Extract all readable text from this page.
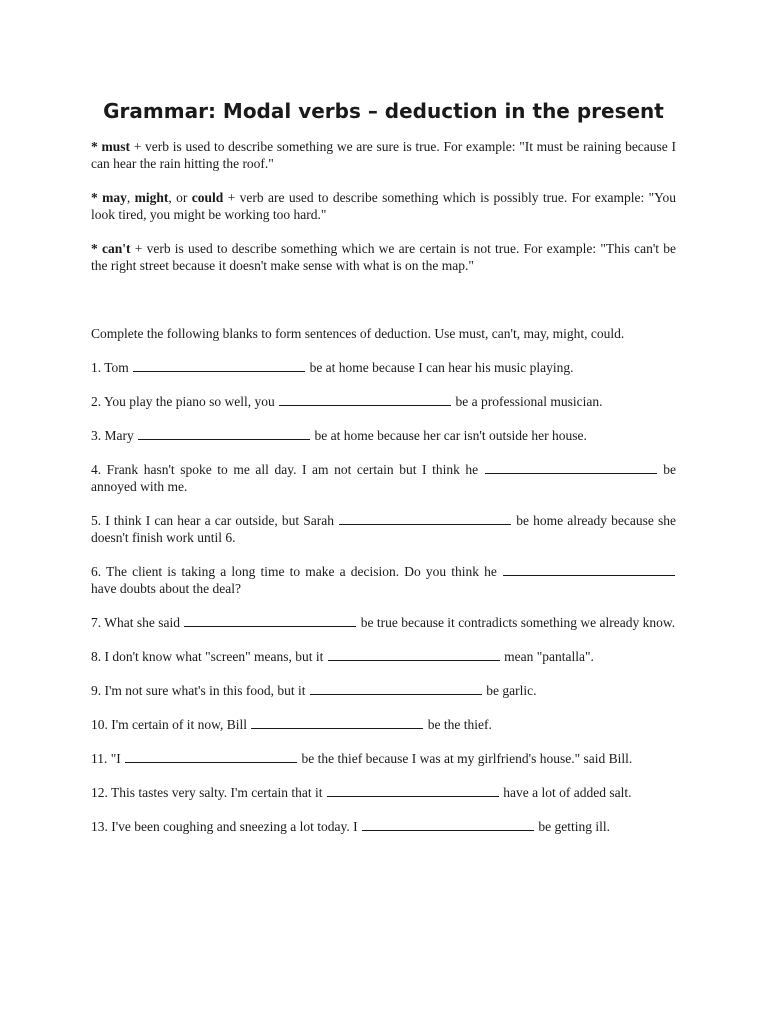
Grammar: Modal verbs – deduction in the present

* must + verb is used to describe something we are sure is true. For example: "It must be raining because I can hear the rain hitting the roof."

* may, might, or could + verb are used to describe something which is possibly true. For example: "You look tired, you might be working too hard."

* can't + verb is used to describe something which we are certain is not true. For example: "This can't be the right street because it doesn't make sense with what is on the map."

Complete the following blanks to form sentences of deduction. Use must, can't, may, might, could.

1. Tom	be at home because I can hear his music playing.

2. You play the piano so well, you	be a professional musician.

3. Mary	be at home because her car isn't outside her house.

4. Frank hasn't spoke to me all day. I am not certain but I think he	be annoyed with me.

5. I think I can hear a car outside, but Sarah	be home already because she doesn't finish work until 6.

6. The client is taking a long time to make a decision. Do you think he  have doubts about the deal?

7. What she said	be true because it contradicts something we already know.

8. I don't know what "screen" means, but it	mean "pantalla".

9. I'm not sure what's in this food, but it	be garlic.

10. I'm certain of it now, Bill	be the thief.

11. "I	be the thief because I was at my girlfriend's house." said Bill.

12. This tastes very salty. I'm certain that it	have a lot of added salt.

13. I've been coughing and sneezing a lot today. I	be getting ill.
